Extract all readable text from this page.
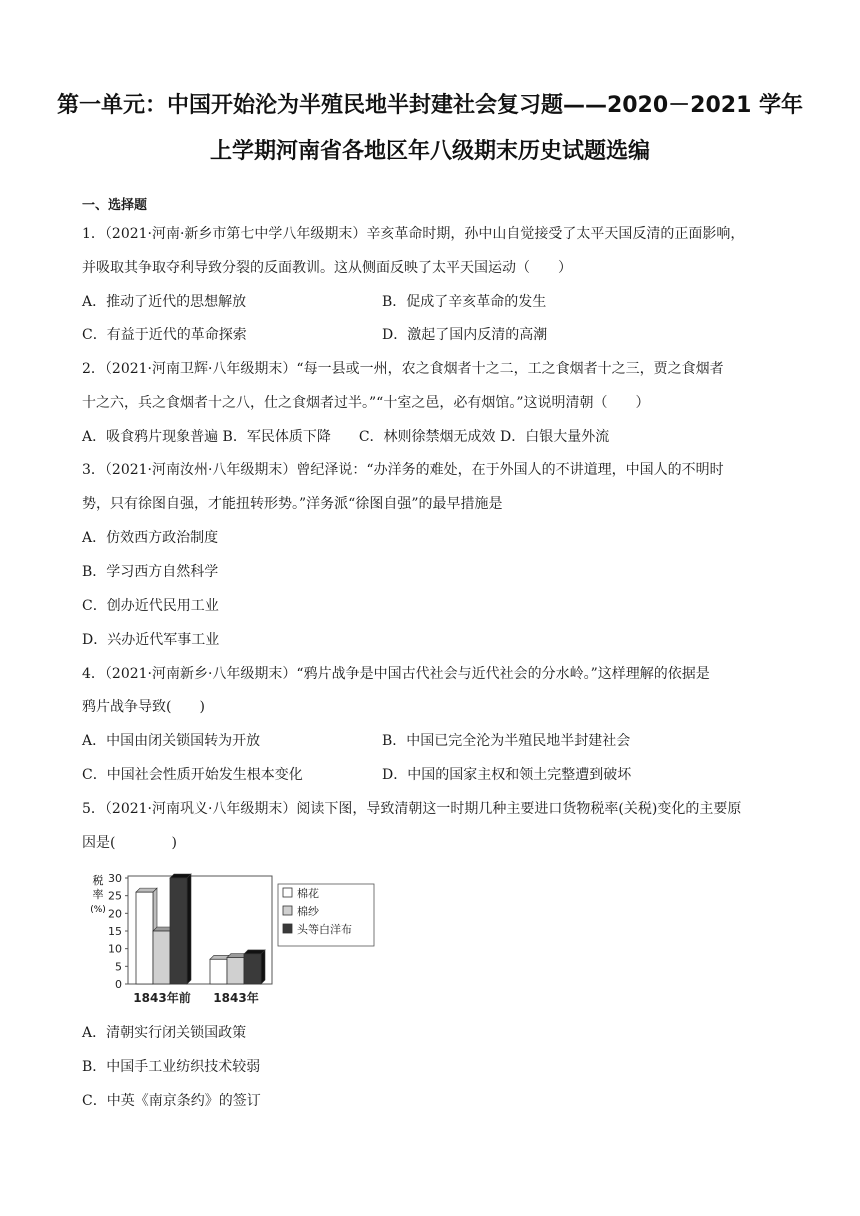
第一单元：中国开始沦为半殖民地半封建社会复习题——2020－2021 学年
上学期河南省各地区年八级期末历史试题选编
一、选择题
1．（2021·河南·新乡市第七中学八年级期末）辛亥革命时期，孙中山自觉接受了太平天国反清的正面影响，
并吸取其争取夺利导致分裂的反面教训。这从侧面反映了太平天国运动（　　）
A．推动了近代的思想解放	B．促成了辛亥革命的发生
C．有益于近代的革命探索	D．激起了国内反清的高潮
2．（2021·河南卫辉·八年级期末）“每一县或一州，农之食烟者十之二，工之食烟者十之三，贾之食烟者
十之六，兵之食烟者十之八，仕之食烟者过半。”“十室之邑，必有烟馆。”这说明清朝（　　）
A．吸食鸦片现象普遍 B．军民体质下降　　C．林则徐禁烟无成效 D．白银大量外流
3．（2021·河南汝州·八年级期末）曾纪泽说：“办洋务的难处，在于外国人的不讲道理，中国人的不明时
势，只有徐图自强，才能扭转形势。”洋务派“徐图自强”的最早措施是
A．仿效西方政治制度
B．学习西方自然科学
C．创办近代民用工业
D．兴办近代军事工业
4．（2021·河南新乡·八年级期末）“鸦片战争是中国古代社会与近代社会的分水岭。”这样理解的依据是
鸦片战争导致(　　)
A．中国由闭关锁国转为开放	B．中国已完全沦为半殖民地半封建社会
C．中国社会性质开始发生根本变化	D．中国的国家主权和领土完整遭到破坏
5．（2021·河南巩义·八年级期末）阅读下图，导致清朝这一时期几种主要进口货物税率(关税)变化的主要原
因是(　　　　)
税
率
(%)
0
5
10
15
20
25
30
1843年前 1843年
棉花
棉纱
头等白洋布
A．清朝实行闭关锁国政策
B．中国手工业纺织技术较弱
C．中英《南京条约》的签订
